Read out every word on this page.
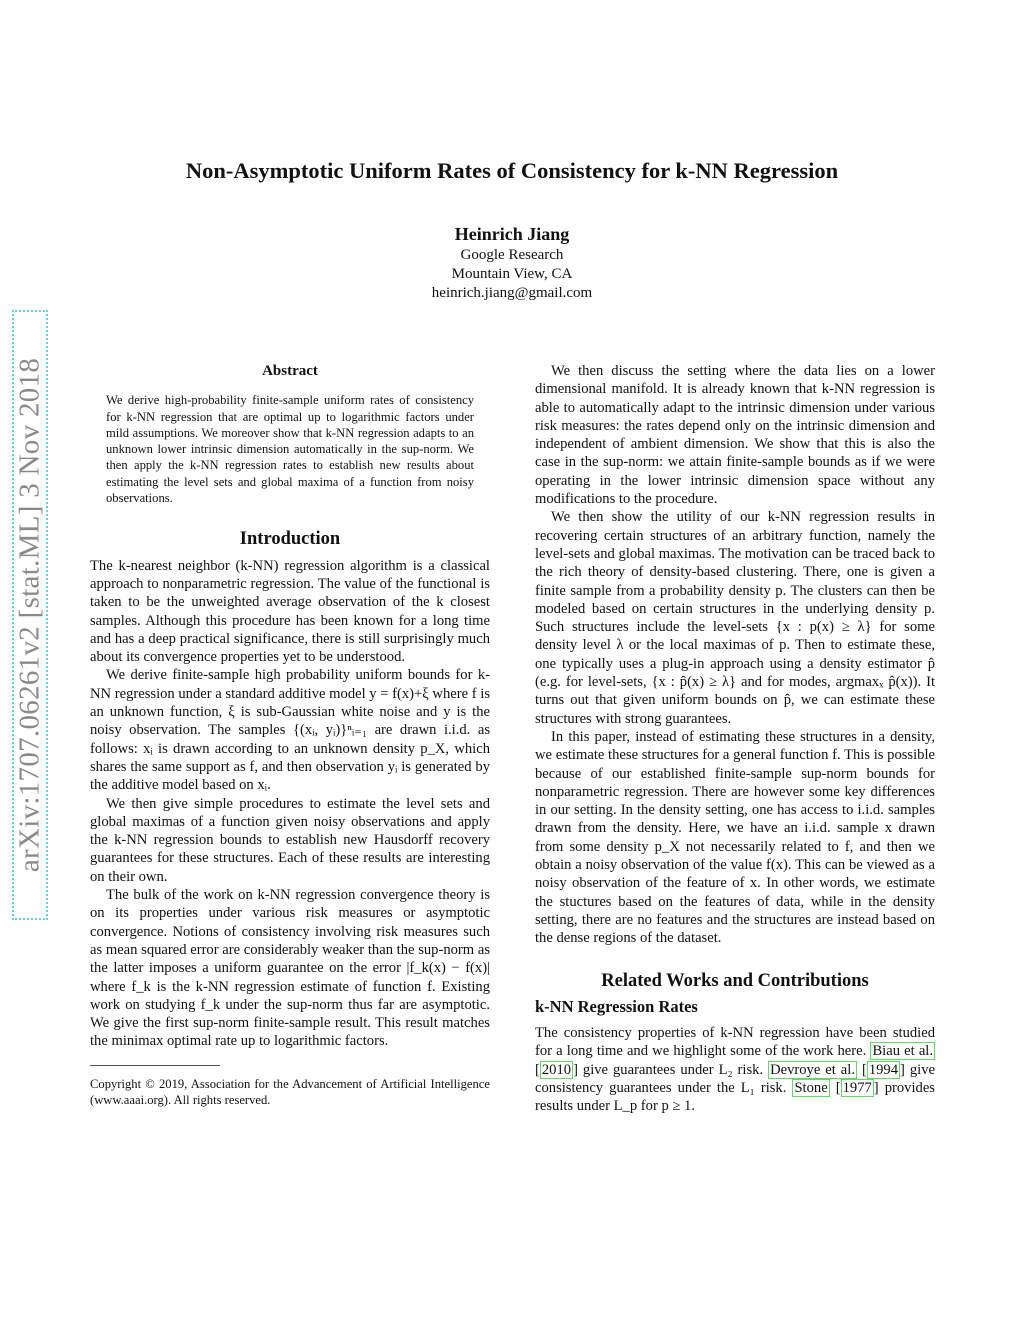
arXiv:1707.06261v2 [stat.ML] 3 Nov 2018
Non-Asymptotic Uniform Rates of Consistency for k-NN Regression
Heinrich Jiang
Google Research
Mountain View, CA
heinrich.jiang@gmail.com
Abstract
We derive high-probability finite-sample uniform rates of consistency for k-NN regression that are optimal up to logarithmic factors under mild assumptions. We moreover show that k-NN regression adapts to an unknown lower intrinsic dimension automatically in the sup-norm. We then apply the k-NN regression rates to establish new results about estimating the level sets and global maxima of a function from noisy observations.
Introduction

The k-nearest neighbor (k-NN) regression algorithm is a classical approach to nonparametric regression. The value of the functional is taken to be the unweighted average observation of the k closest samples. Although this procedure has been known for a long time and has a deep practical significance, there is still surprisingly much about its convergence properties yet to be understood.

We derive finite-sample high probability uniform bounds for k-NN regression under a standard additive model y = f(x)+ξ where f is an unknown function, ξ is sub-Gaussian white noise and y is the noisy observation. The samples {(xᵢ, yᵢ)}ⁿᵢ₌₁ are drawn i.i.d. as follows: xᵢ is drawn according to an unknown density p_X, which shares the same support as f, and then observation yᵢ is generated by the additive model based on xᵢ.

We then give simple procedures to estimate the level sets and global maximas of a function given noisy observations and apply the k-NN regression bounds to establish new Hausdorff recovery guarantees for these structures. Each of these results are interesting on their own.

The bulk of the work on k-NN regression convergence theory is on its properties under various risk measures or asymptotic convergence. Notions of consistency involving risk measures such as mean squared error are considerably weaker than the sup-norm as the latter imposes a uniform guarantee on the error |f_k(x) − f(x)| where f_k is the k-NN regression estimate of function f. Existing work on studying f_k under the sup-norm thus far are asymptotic. We give the first sup-norm finite-sample result. This result matches the minimax optimal rate up to logarithmic factors.

Copyright © 2019, Association for the Advancement of Artificial Intelligence (www.aaai.org). All rights reserved.

We then discuss the setting where the data lies on a lower dimensional manifold. It is already known that k-NN regression is able to automatically adapt to the intrinsic dimension under various risk measures: the rates depend only on the intrinsic dimension and independent of ambient dimension. We show that this is also the case in the sup-norm: we attain finite-sample bounds as if we were operating in the lower intrinsic dimension space without any modifications to the procedure.

We then show the utility of our k-NN regression results in recovering certain structures of an arbitrary function, namely the level-sets and global maximas. The motivation can be traced back to the rich theory of density-based clustering. There, one is given a finite sample from a probability density p. The clusters can then be modeled based on certain structures in the underlying density p. Such structures include the level-sets {x : p(x) ≥ λ} for some density level λ or the local maximas of p. Then to estimate these, one typically uses a plug-in approach using a density estimator p̂ (e.g. for level-sets, {x : p̂(x) ≥ λ} and for modes, argmaxₓ p̂(x)). It turns out that given uniform bounds on p̂, we can estimate these structures with strong guarantees.

In this paper, instead of estimating these structures in a density, we estimate these structures for a general function f. This is possible because of our established finite-sample sup-norm bounds for nonparametric regression. There are however some key differences in our setting. In the density setting, one has access to i.i.d. samples drawn from the density. Here, we have an i.i.d. sample x drawn from some density p_X not necessarily related to f, and then we obtain a noisy observation of the value f(x). This can be viewed as a noisy observation of the feature of x. In other words, we estimate the stuctures based on the features of data, while in the density setting, there are no features and the structures are instead based on the dense regions of the dataset.

Related Works and Contributions
k-NN Regression Rates

The consistency properties of k-NN regression have been studied for a long time and we highlight some of the work here. Biau et al. [ 2010 ] give guarantees under L₂ risk. Devroye et al. [ 1994 ] give consistency guarantees under the L₁ risk. Stone [ 1977 ] provides results under L_p for p ≥ 1.
